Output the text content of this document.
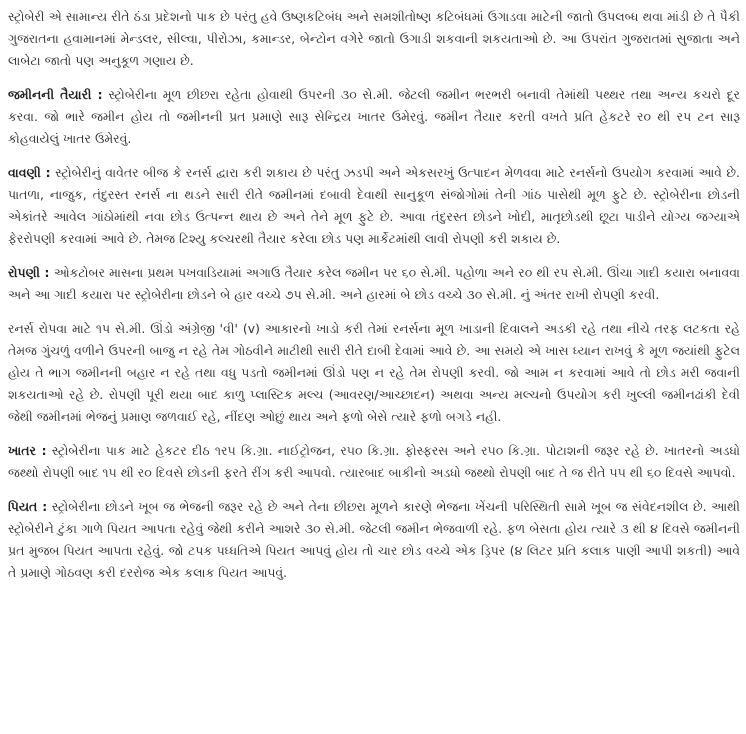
સ્ટ્રોબેરી એ સામાન્ય રીતે ઠંડા પ્રદેશનો પાક છે પરંતુ હવે ઉષ્ણકટિબંધ અને સમશીતોષ્ણ કટિબંધમાં ઉગાડવા માટેની જાતો ઉપલબ્ધ થવા માંડી છે તે પૈકી ગુજરાતના હવામાનમાં મેન્ડલર, સીલ્વા, પીરોઝા, કમાન્ડર, બેન્ટોન વગેરે જાતો ઉગાડી શકવાની શકયતાઓ છે. આ ઉપરાંત ગુજરાતમાં સુજાતા અને લાબેટા જાતો પણ અનુકૂળ ગણાય છે.

જમીનની તૈયારી : સ્ટ્રોબેરીના મૂળ છીછરા રહેતા હોવાથી ઉપરની ૩૦ સે.મી. જેટલી જમીન ભરભરી બનાવી તેમાંથી પથ્થર તથા અન્ય કચરો દૂર કરવા. જો ભારે જમીન હોય તો જમીનની પ્રત પ્રમાણે સારૂ સેન્દ્રિય ખાતર ઉમેરવું. જમીન તૈયાર કરતી વખતે પ્રતિ હેકટરે ર૦ થી રપ ટન સારૂ કોહવાયેલું ખાતર ઉમેરવું.

વાવણી : સ્ટ્રોબેરીનું વાવેતર બીજ કે રનર્સ દ્વારા કરી શકાય છે પરંતુ ઝડપી અને એકસરખું ઉત્પાદન મેળવવા માટે રનર્સનો ઉપયોગ કરવામાં આવે છે. પાતળા, નાજુક, તંદુરસ્ત રનર્સ ના થડને સારી રીતે જમીનમાં દબાવી દેવાથી સાનુકૂળ સંજોગોમાં તેની ગાંઠ પાસેથી મૂળ ફુટે છે. સ્ટ્રોબેરીના છોડની એકાંતરે આવેલ ગાંઠોમાંથી નવા છોડ ઉત્પન્ન થાય છે અને તેને મૂળ ફુટે છે. આવા તંદુરસ્ત છોડને ખોદી, માતૃછોડથી છૂટા પાડીને યોગ્ય જગ્યાએ ફેરરોપણી કરવામાં આવે છે. તેમજ ટિશ્યુ કલ્ચરથી તૈયાર કરેલા છોડ પણ માર્કેટમાંથી લાવી રોપણી કરી શકાય છે.

રોપણી : ઓકટોબર માસના પ્રથમ પખવાડિયામાં અગાઉ તૈયાર કરેલ જમીન પર ૬૦ સે.મી. પહોળા અને ર૦ થી રપ સે.મી. ઊંચા ગાદી કયારા બનાવવા અને આ ગાદી કયારા પર સ્ટ્રોબેરીના છોડને બે હાર વચ્ચે ૭પ સે.મી. અને હારમાં બે છોડ વચ્ચે ૩૦ સે.મી. નું અંતર રાખી રોપણી કરવી.

રનર્સ રોપવા માટે ૧પ સે.મી. ઊંડો અંગ્રેજી 'વી' (v) આકારનો ખાડો કરી તેમાં રનર્સના મૂળ ખાડાની દિવાલને અડકી રહે તથા નીચે તરફ લટકતા રહે તેમજ ગુંચળું વળીને ઉપરની બાજુ ન રહે તેમ ગોઠવીને માટીથી સારી રીતે દાબી દેવામાં આવે છે. આ સમયે એ ખાસ ધ્યાન રાખવું કે મૂળ જયાંથી ફુટેલ હોય તે ભાગ જમીનની બહાર ન રહે તથા વધુ પડતો જમીનમાં ઊંડો પણ ન રહે તેમ રોપણી કરવી. જો આમ ન કરવામાં આવે તો છોડ મરી જવાની શકયતાઓ રહે છે. રોપણી પૂરી થયા બાદ કાળુ પ્લાસ્ટિક મલ્ચ (આવરણ/આચ્છાદન) અથવા અન્ય મલ્ચનો ઉપયોગ કરી ખુલ્લી જમીનઢાંકી દેવી જેથી જમીનમાં ભેજનું પ્રમાણ જળવાઈ રહે, નીંદણ ઓછું થાય અને ફળો બેસે ત્યારે ફળો બગડે નહી.

ખાતર : સ્ટ્રોબેરીના પાક માટે હેકટર દીઠ ૧ર૫ કિ.ગ્રા. નાઈટ્રોજન, ર૫૦ કિ.ગ્રા. ફોસ્ફરસ અને ર૫૦ કિ.ગ્રા. પોટાશની જરૂર રહે છે. ખાતરનો અડધો જથ્થો રોપણી બાદ ૧૫ થી ર૦ દિવસે છોડની ફરતે રીંગ કરી આપવો. ત્યારબાદ બાકીનો અડધો જથ્થો રોપણી બાદ તે જ રીતે ૫૫ થી ૬૦ દિવસે આપવો.

પિયત : સ્ટ્રોબેરીના છોડને ખૂબ જ ભેજની જરૂર રહે છે અને તેના છીછરા મૂળને કારણે ભેજના ખેંચની પરિસ્થિતી સામે ખૂબ જ સંવેદનશીલ છે. આથી સ્ટ્રોબેરીને ટુંકા ગાળે પિયત આપતા રહેવું જેથી કરીને આશરે ૩૦ સે.મી. જેટલી જમીન ભેજવાળી રહે. ફળ બેસતા હોય ત્યારે ૩ થી ૪ દિવસે જમીનની પ્રત મુજબ પિયત આપતા રહેવું. જો ટપક પધ્ધતિએ પિયત આપવું હોય તો ચાર છોડ વચ્ચે એક ડ્રિપર (૪ લિટર પ્રતિ કલાક પાણી આપી શકતી) આવે તે પ્રમાણે ગોઠવણ કરી દરરોજ એક કલાક પિયત આપવું.
